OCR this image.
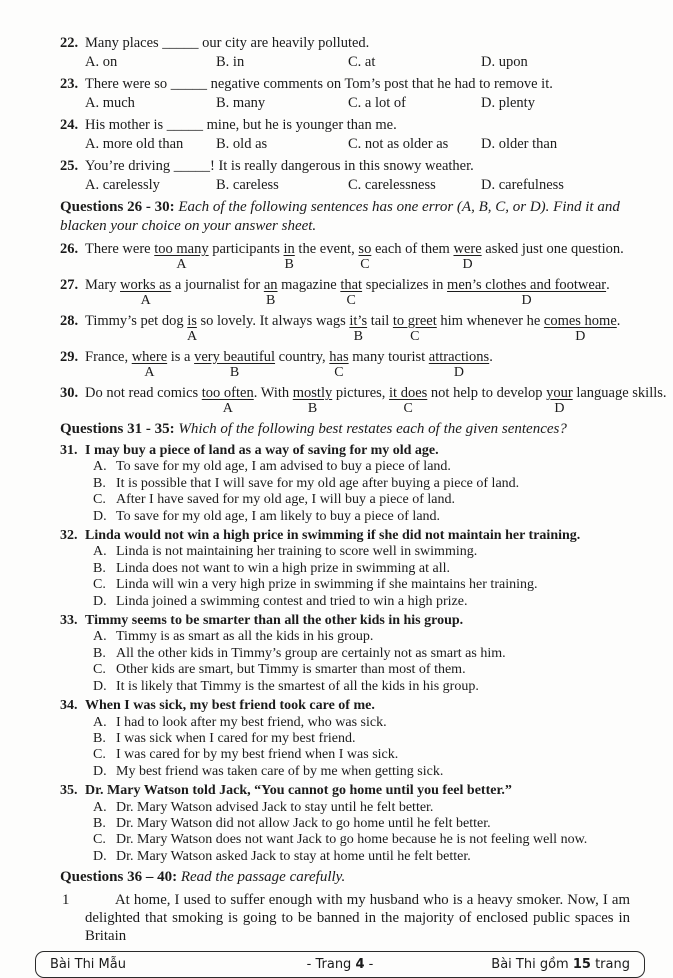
22. Many places _____ our city are heavily polluted.
A. on	B. in	C. at	D. upon
23. There were so _____ negative comments on Tom’s post that he had to remove it.
A. much	B. many	C. a lot of	D. plenty
24. His mother is _____ mine, but he is younger than me.
A. more old than	B. old as	C. not as older as	D. older than
25. You’re driving _____! It is really dangerous in this snowy weather.
A. carelessly	B. careless	C. carelessness	D. carefulness
Questions 26 - 30: Each of the following sentences has one error (A, B, C, or D). Find it and blacken your choice on your answer sheet.
26. There were too many
A
participants in
B
the event, so
C
each of them were
D
asked just one question.
27. Mary works as
A
a journalist for an
B
magazine that
C
specializes in men’s clothes and footwear
D
.
28. Timmy’s pet dog is
A
so lovely. It always wags it’s
B
tail to greet
C
him whenever he comes home
D
.
29. France, where
A
is a very beautiful
B
country, has
C
many tourist attractions
D
.
30. Do not read comics too often
A
. With mostly
B
pictures, it does
C
not help to develop your
D
language skills.
Questions 31 - 35: Which of the following best restates each of the given sentences?
31. I may buy a piece of land as a way of saving for my old age.
A. To save for my old age, I am advised to buy a piece of land.
B. It is possible that I will save for my old age after buying a piece of land.
C. After I have saved for my old age, I will buy a piece of land.
D. To save for my old age, I am likely to buy a piece of land.
32. Linda would not win a high price in swimming if she did not maintain her training.
A. Linda is not maintaining her training to score well in swimming.
B. Linda does not want to win a high prize in swimming at all.
C. Linda will win a very high prize in swimming if she maintains her training.
D. Linda joined a swimming contest and tried to win a high prize.
33. Timmy seems to be smarter than all the other kids in his group.
A. Timmy is as smart as all the kids in his group.
B. All the other kids in Timmy’s group are certainly not as smart as him.
C. Other kids are smart, but Timmy is smarter than most of them.
D. It is likely that Timmy is the smartest of all the kids in his group.
34. When I was sick, my best friend took care of me.
A. I had to look after my best friend, who was sick.
B. I was sick when I cared for my best friend.
C. I was cared for by my best friend when I was sick.
D. My best friend was taken care of by me when getting sick.
35. Dr. Mary Watson told Jack, “You cannot go home until you feel better.”
A. Dr. Mary Watson advised Jack to stay until he felt better.
B. Dr. Mary Watson did not allow Jack to go home until he felt better.
C. Dr. Mary Watson does not want Jack to go home because he is not feeling well now.
D. Dr. Mary Watson asked Jack to stay at home until he felt better.
Questions 36 – 40: Read the passage carefully.
1	At home, I used to suffer enough with my husband who is a heavy smoker. Now, I am delighted that smoking is going to be banned in the majority of enclosed public spaces in Britain
Bài Thi Mẫu	- Trang 4 -	Bài Thi gồm 15 trang
